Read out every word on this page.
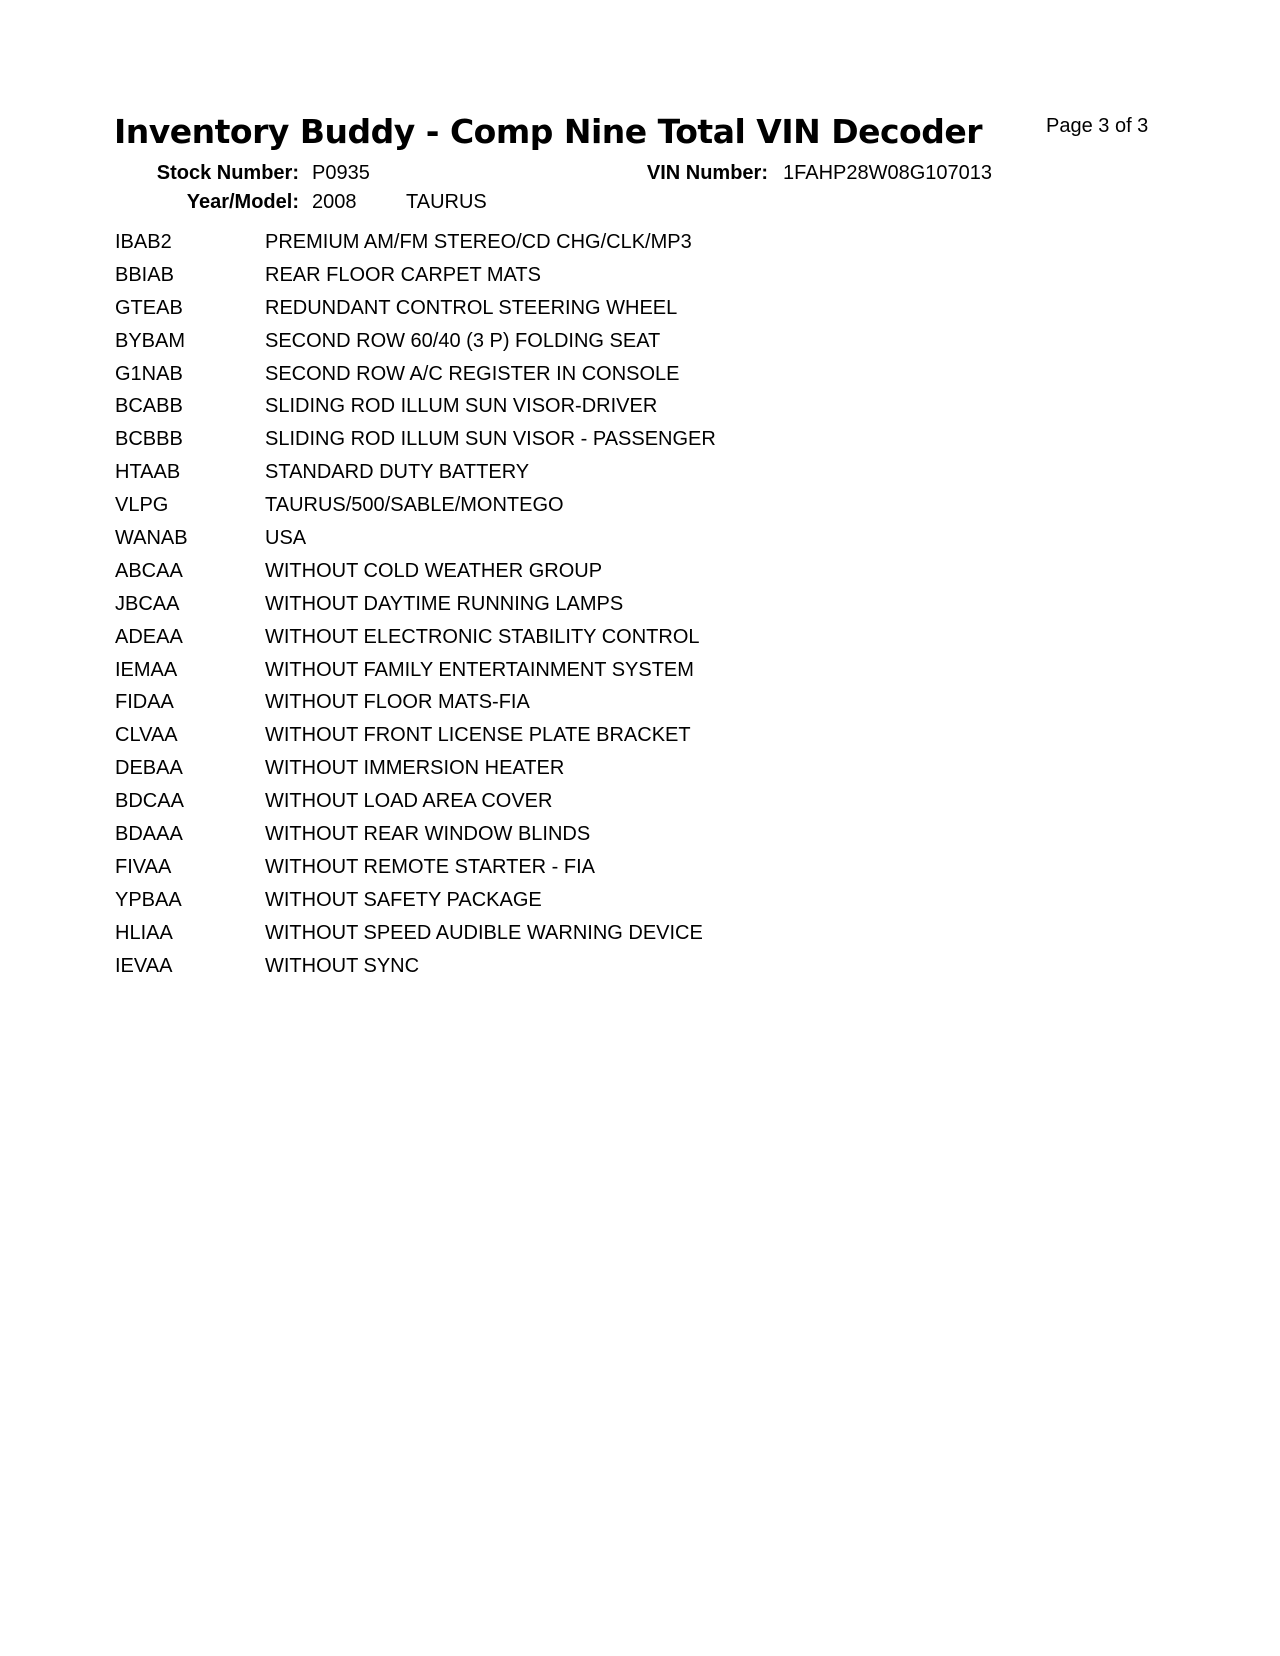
Inventory Buddy - Comp Nine Total VIN Decoder	Page 3 of 3
Stock Number: P0935	VIN Number: 1FAHP28W08G107013
Year/Model: 2008 TAURUS
IBAB2	PREMIUM AM/FM STEREO/CD CHG/CLK/MP3
BBIAB	REAR FLOOR CARPET MATS
GTEAB	REDUNDANT CONTROL STEERING WHEEL
BYBAM	SECOND ROW 60/40 (3 P) FOLDING SEAT
G1NAB	SECOND ROW A/C REGISTER IN CONSOLE
BCABB	SLIDING ROD ILLUM SUN VISOR-DRIVER
BCBBB	SLIDING ROD ILLUM SUN VISOR - PASSENGER
HTAAB	STANDARD DUTY BATTERY
VLPG	TAURUS/500/SABLE/MONTEGO
WANAB	USA
ABCAA	WITHOUT COLD WEATHER GROUP
JBCAA	WITHOUT DAYTIME RUNNING LAMPS
ADEAA	WITHOUT ELECTRONIC STABILITY CONTROL
IEMAA	WITHOUT FAMILY ENTERTAINMENT SYSTEM
FIDAA	WITHOUT FLOOR MATS-FIA
CLVAA	WITHOUT FRONT LICENSE PLATE BRACKET
DEBAA	WITHOUT IMMERSION HEATER
BDCAA	WITHOUT LOAD AREA COVER
BDAAA	WITHOUT REAR WINDOW BLINDS
FIVAA	WITHOUT REMOTE STARTER - FIA
YPBAA	WITHOUT SAFETY PACKAGE
HLIAA	WITHOUT SPEED AUDIBLE WARNING DEVICE
IEVAA	WITHOUT SYNC
